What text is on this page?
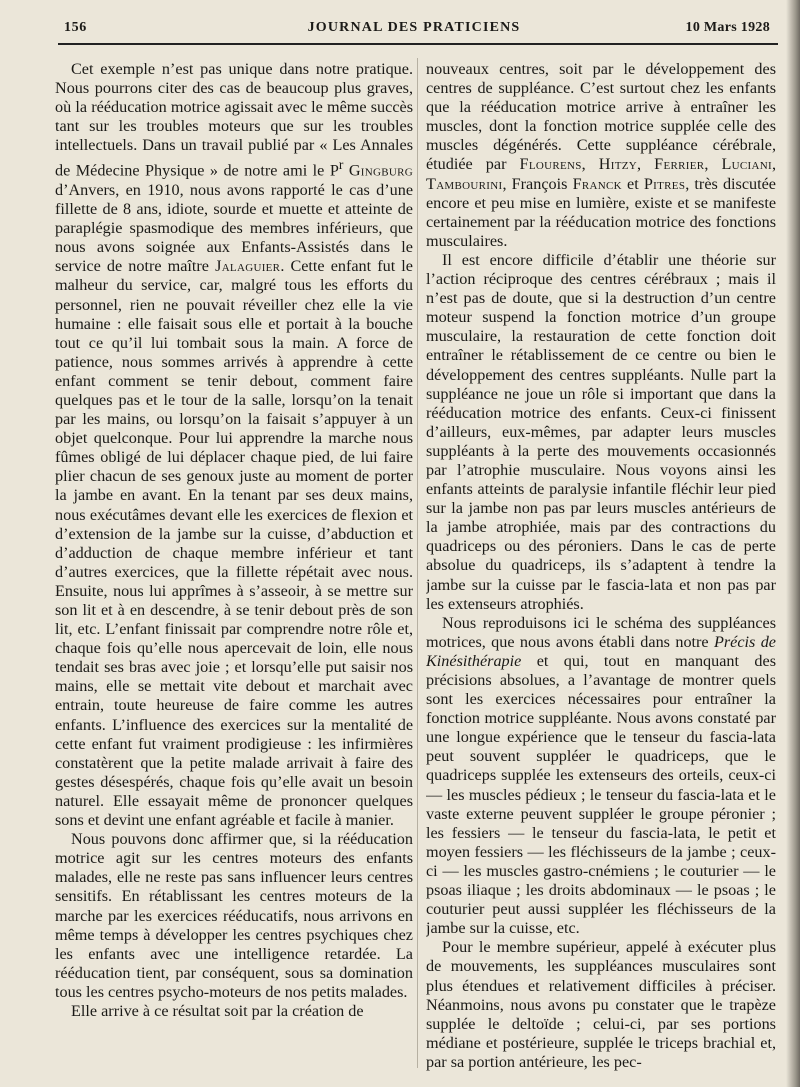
156	JOURNAL DES PRATICIENS	10 Mars 1928

Cet exemple n’est pas unique dans notre pratique. Nous pourrons citer des cas de beaucoup plus graves, où la rééducation motrice agissait avec le même succès tant sur les troubles moteurs que sur les troubles intellectuels. Dans un travail publié par « Les Annales de Médecine Physique » de notre ami le $P^r$ Gingburg d’Anvers, en 1910, nous avons rapporté le cas d’une fillette de 8 ans, idiote, sourde et muette et atteinte de paraplégie spasmodique des membres inférieurs, que nous avons soignée aux Enfants-Assistés dans le service de notre maître Jalaguier. Cette enfant fut le malheur du service, car, malgré tous les efforts du personnel, rien ne pouvait réveiller chez elle la vie humaine : elle faisait sous elle et portait à la bouche tout ce qu’il lui tombait sous la main. A force de patience, nous sommes arrivés à apprendre à cette enfant comment se tenir debout, comment faire quelques pas et le tour de la salle, lorsqu’on la tenait par les mains, ou lorsqu’on la faisait s’appuyer à un objet quelconque. Pour lui apprendre la marche nous fûmes obligé de lui déplacer chaque pied, de lui faire plier chacun de ses genoux juste au moment de porter la jambe en avant. En la tenant par ses deux mains, nous exécutâmes devant elle les exercices de flexion et d’extension de la jambe sur la cuisse, d’abduction et d’adduction de chaque membre inférieur et tant d’autres exercices, que la fillette répétait avec nous. Ensuite, nous lui apprîmes à s’asseoir, à se mettre sur son lit et à en descendre, à se tenir debout près de son lit, etc. L’enfant finissait par comprendre notre rôle et, chaque fois qu’elle nous apercevait de loin, elle nous tendait ses bras avec joie ; et lorsqu’elle put saisir nos mains, elle se mettait vite debout et marchait avec entrain, toute heureuse de faire comme les autres enfants. L’influence des exercices sur la mentalité de cette enfant fut vraiment prodigieuse : les infirmières constatèrent que la petite malade arrivait à faire des gestes désespérés, chaque fois qu’elle avait un besoin naturel. Elle essayait même de prononcer quelques sons et devint une enfant agréable et facile à manier.

Nous pouvons donc affirmer que, si la rééducation motrice agit sur les centres moteurs des enfants malades, elle ne reste pas sans influencer leurs centres sensitifs. En rétablissant les centres moteurs de la marche par les exercices rééducatifs, nous arrivons en même temps à développer les centres psychiques chez les enfants avec une intelligence retardée. La rééducation tient, par conséquent, sous sa domination tous les centres psycho-moteurs de nos petits malades.

Elle arrive à ce résultat soit par la création de

nouveaux centres, soit par le développement des centres de suppléance. C’est surtout chez les enfants que la rééducation motrice arrive à entraîner les muscles, dont la fonction motrice supplée celle des muscles dégénérés. Cette suppléance cérébrale, étudiée par Flourens, Hitzy, Ferrier, Luciani, Tambourini, François Franck et Pitres, très discutée encore et peu mise en lumière, existe et se manifeste certainement par la rééducation motrice des fonctions musculaires.

Il est encore difficile d’établir une théorie sur l’action réciproque des centres cérébraux ; mais il n’est pas de doute, que si la destruction d’un centre moteur suspend la fonction motrice d’un groupe musculaire, la restauration de cette fonction doit entraîner le rétablissement de ce centre ou bien le développement des centres suppléants. Nulle part la suppléance ne joue un rôle si important que dans la rééducation motrice des enfants. Ceux-ci finissent d’ailleurs, eux-mêmes, par adapter leurs muscles suppléants à la perte des mouvements occasionnés par l’atrophie musculaire. Nous voyons ainsi les enfants atteints de paralysie infantile fléchir leur pied sur la jambe non pas par leurs muscles antérieurs de la jambe atrophiée, mais par des contractions du quadriceps ou des péroniers. Dans le cas de perte absolue du quadriceps, ils s’adaptent à tendre la jambe sur la cuisse par le fascia-lata et non pas par les extenseurs atrophiés.

Nous reproduisons ici le schéma des suppléances motrices, que nous avons établi dans notre Précis de Kinésithérapie et qui, tout en manquant des précisions absolues, a l’avantage de montrer quels sont les exercices nécessaires pour entraîner la fonction motrice suppléante. Nous avons constaté par une longue expérience que le tenseur du fascia-lata peut souvent suppléer le quadriceps, que le quadriceps supplée les extenseurs des orteils, ceux-ci — les muscles pédieux ; le tenseur du fascia-lata et le vaste externe peuvent suppléer le groupe péronier ; les fessiers — le tenseur du fascia-lata, le petit et moyen fessiers — les fléchisseurs de la jambe ; ceux-ci — les muscles gastro-cnémiens ; le couturier — le psoas iliaque ; les droits abdominaux — le psoas ; le couturier peut aussi suppléer les fléchisseurs de la jambe sur la cuisse, etc.

Pour le membre supérieur, appelé à exécuter plus de mouvements, les suppléances musculaires sont plus étendues et relativement difficiles à préciser. Néanmoins, nous avons pu constater que le trapèze supplée le deltoïde ; celui-ci, par ses portions médiane et postérieure, supplée le triceps brachial et, par sa portion antérieure, les pec-
